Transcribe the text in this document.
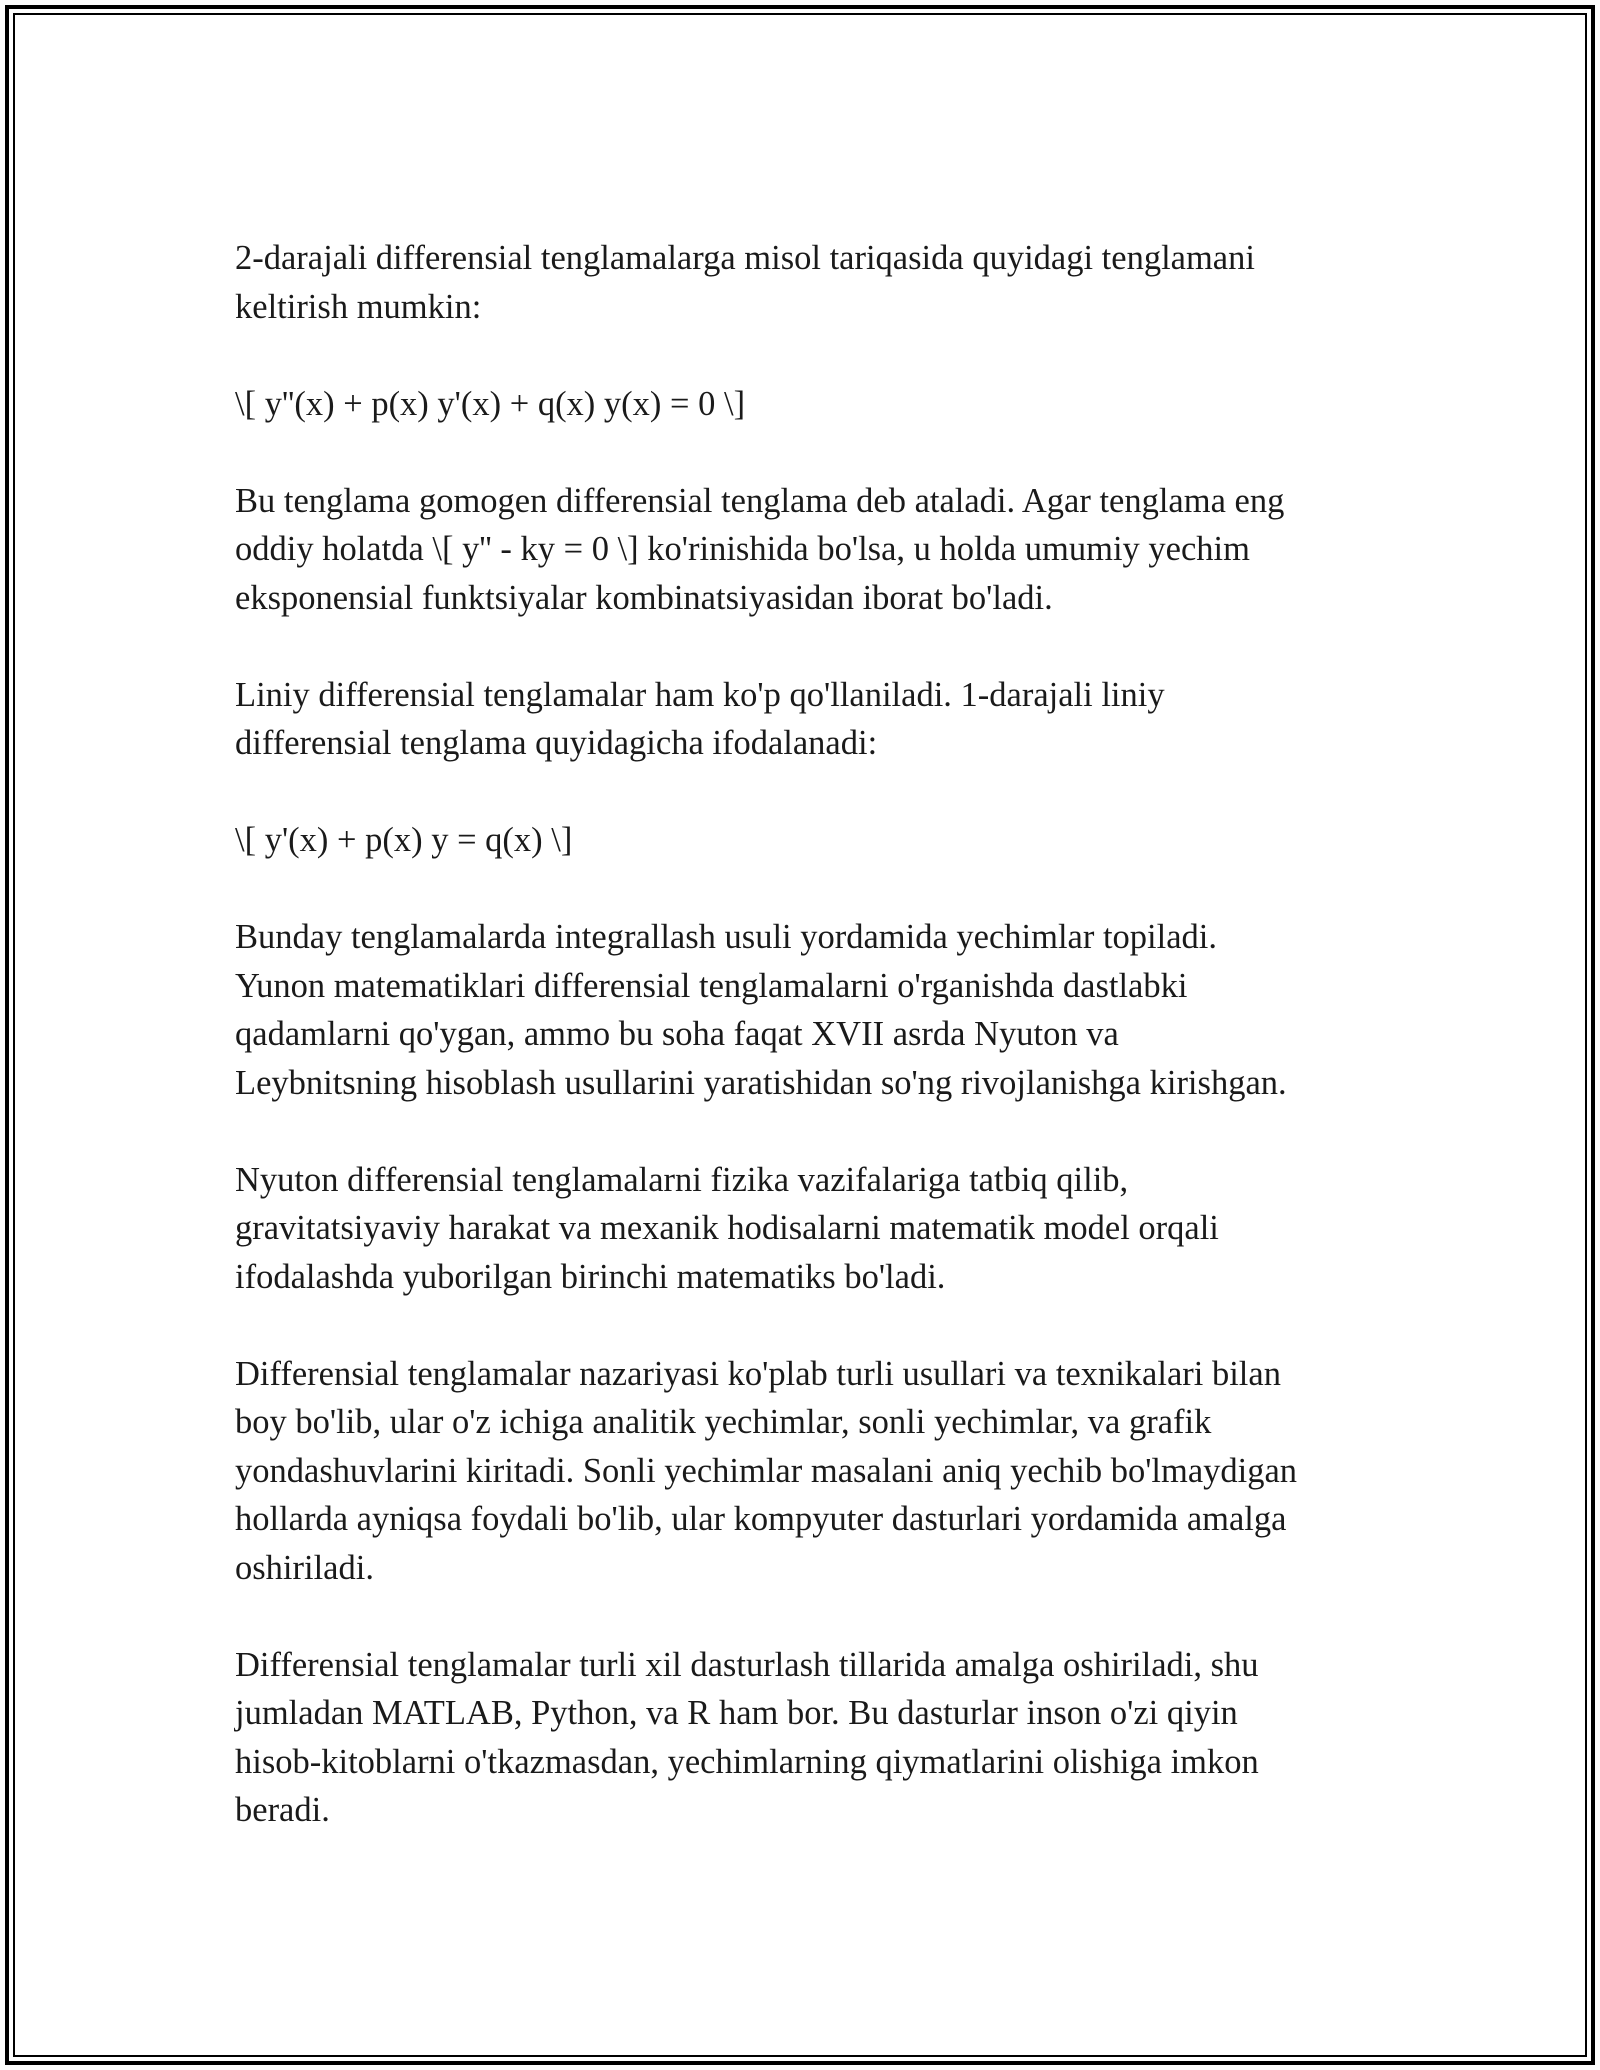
2-darajali differensial tenglamalarga misol tariqasida quyidagi tenglamani
keltirish mumkin:

\[ y''(x) + p(x) y'(x) + q(x) y(x) = 0 \]

Bu tenglama gomogen differensial tenglama deb ataladi. Agar tenglama eng
oddiy holatda \[ y'' - ky = 0 \] ko'rinishida bo'lsa, u holda umumiy yechim
eksponensial funktsiyalar kombinatsiyasidan iborat bo'ladi.

Liniy differensial tenglamalar ham ko'p qo'llaniladi. 1-darajali liniy
differensial tenglama quyidagicha ifodalanadi:

\[ y'(x) + p(x) y = q(x) \]

Bunday tenglamalarda integrallash usuli yordamida yechimlar topiladi.
Yunon matematiklari differensial tenglamalarni o'rganishda dastlabki
qadamlarni qo'ygan, ammo bu soha faqat XVII asrda Nyuton va
Leybnitsning hisoblash usullarini yaratishidan so'ng rivojlanishga kirishgan.

Nyuton differensial tenglamalarni fizika vazifalariga tatbiq qilib,
gravitatsiyaviy harakat va mexanik hodisalarni matematik model orqali
ifodalashda yuborilgan birinchi matematiks bo'ladi.

Differensial tenglamalar nazariyasi ko'plab turli usullari va texnikalari bilan
boy bo'lib, ular o'z ichiga analitik yechimlar, sonli yechimlar, va grafik
yondashuvlarini kiritadi. Sonli yechimlar masalani aniq yechib bo'lmaydigan
hollarda ayniqsa foydali bo'lib, ular kompyuter dasturlari yordamida amalga
oshiriladi.

Differensial tenglamalar turli xil dasturlash tillarida amalga oshiriladi, shu
jumladan MATLAB, Python, va R ham bor. Bu dasturlar inson o'zi qiyin
hisob-kitoblarni o'tkazmasdan, yechimlarning qiymatlarini olishiga imkon
beradi.
